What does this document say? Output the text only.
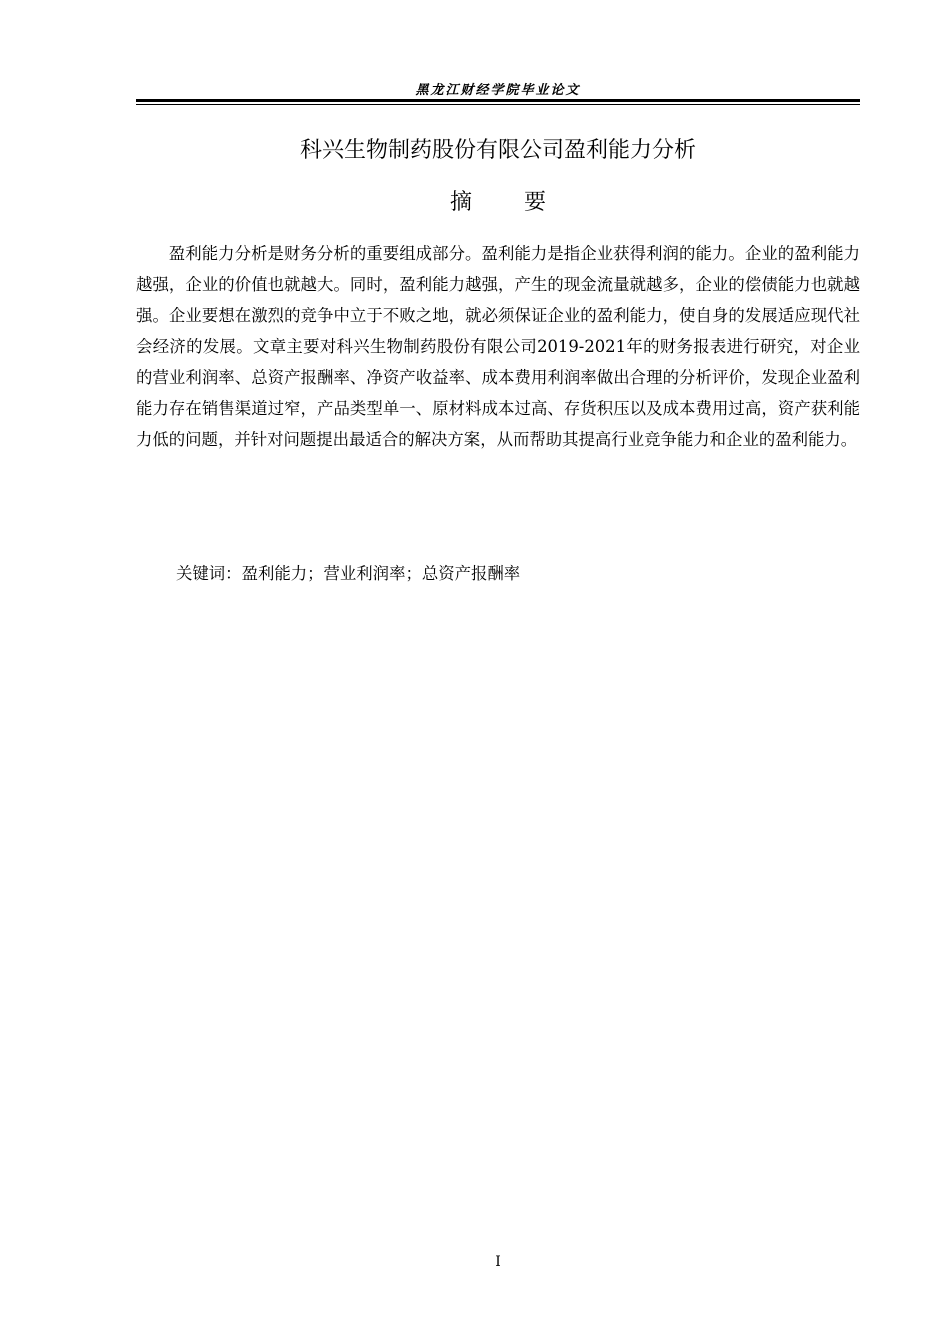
黑龙江财经学院毕业论文
科兴生物制药股份有限公司盈利能力分析
摘 要
盈利能力分析是财务分析的重要组成部分。盈利能力是指企业获得利润的能力。企业的盈利能力越强，企业的价值也就越大。同时，盈利能力越强，产生的现金流量就越多，企业的偿债能力也就越强。企业要想在激烈的竞争中立于不败之地，就必须保证企业的盈利能力，使自身的发展适应现代社会经济的发展。文章主要对科兴生物制药股份有限公司2019-2021年的财务报表进行研究，对企业的营业利润率、总资产报酬率、净资产收益率、成本费用利润率做出合理的分析评价，发现企业盈利能力存在销售渠道过窄，产品类型单一、原材料成本过高、存货积压以及成本费用过高，资产获利能力低的问题，并针对问题提出最适合的解决方案，从而帮助其提高行业竞争能力和企业的盈利能力。
关键词：盈利能力；营业利润率；总资产报酬率
I
